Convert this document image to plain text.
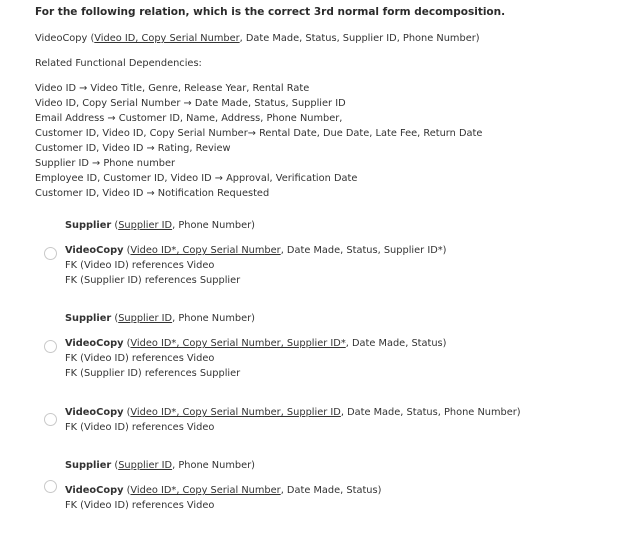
For the following relation, which is the correct 3rd normal form decomposition.
VideoCopy (Video ID, Copy Serial Number, Date Made, Status, Supplier ID, Phone Number)
Related Functional Dependencies:
Video ID → Video Title, Genre, Release Year, Rental Rate
Video ID, Copy Serial Number → Date Made, Status, Supplier ID
Email Address → Customer ID, Name, Address, Phone Number,
Customer ID, Video ID, Copy Serial Number→ Rental Date, Due Date, Late Fee, Return Date
Customer ID, Video ID → Rating, Review
Supplier ID → Phone number
Employee ID, Customer ID, Video ID → Approval, Verification Date
Customer ID, Video ID → Notification Requested
Supplier (Supplier ID, Phone Number)
VideoCopy (Video ID*, Copy Serial Number, Date Made, Status, Supplier ID*)
FK (Video ID) references Video
FK (Supplier ID) references Supplier
Supplier (Supplier ID, Phone Number)
VideoCopy (Video ID*, Copy Serial Number, Supplier ID*, Date Made, Status)
FK (Video ID) references Video
FK (Supplier ID) references Supplier
VideoCopy (Video ID*, Copy Serial Number, Supplier ID, Date Made, Status, Phone Number)
FK (Video ID) references Video
Supplier (Supplier ID, Phone Number)
VideoCopy (Video ID*, Copy Serial Number, Date Made, Status)
FK (Video ID) references Video
